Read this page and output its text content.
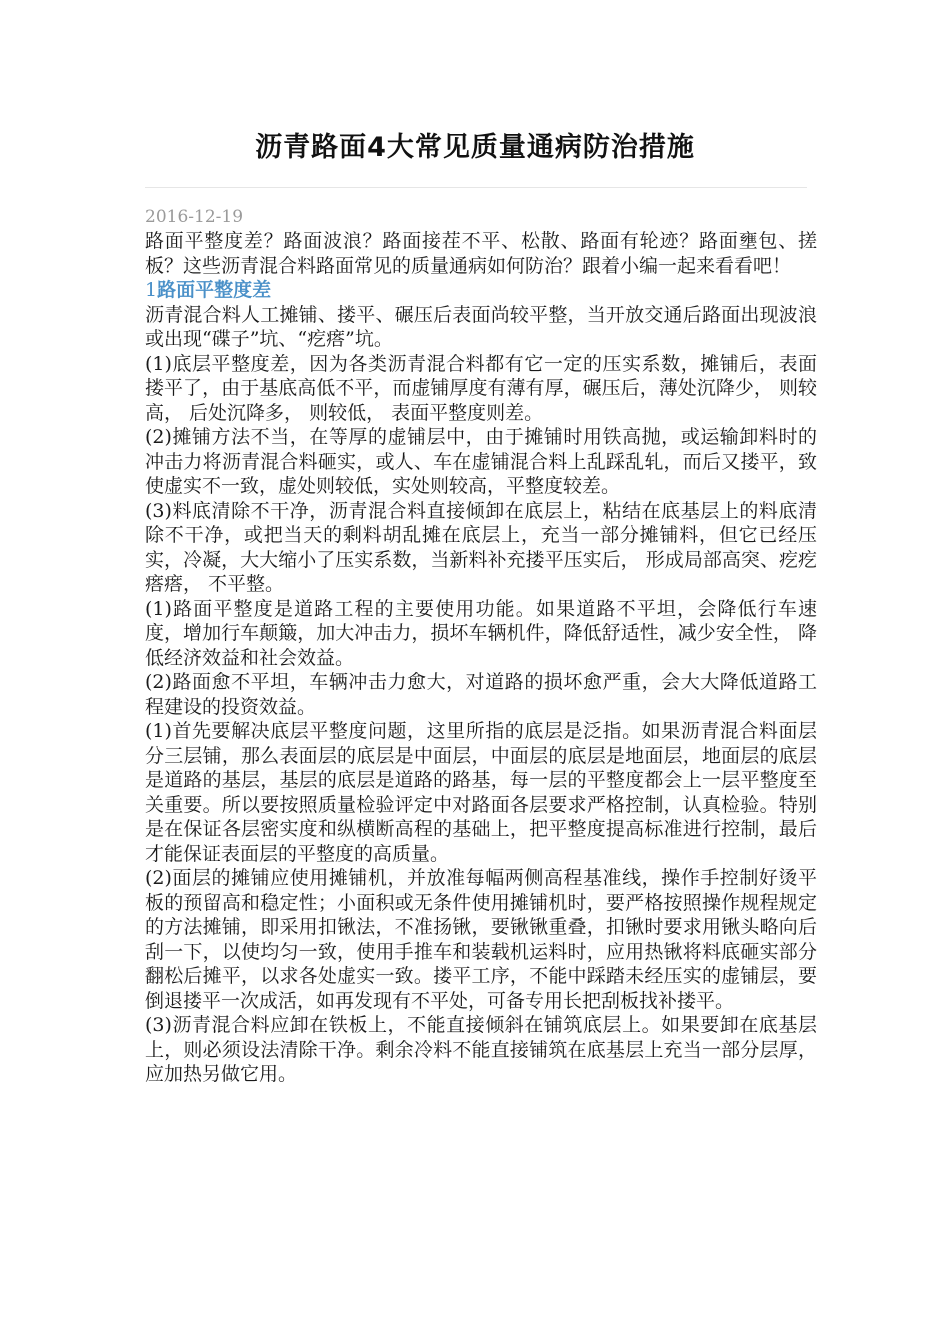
沥青路面4大常见质量通病防治措施
2016-12-19

路面平整度差？路面波浪？路面接茬不平、松散、路面有轮迹？路面壅包、搓板？这些沥青混合料路面常见的质量通病如何防治？跟着小编一起来看看吧！

1路面平整度差

沥青混合料人工摊铺、搂平、碾压后表面尚较平整，当开放交通后路面出现波浪或出现“碟子”坑、“疙瘩”坑。

(1)底层平整度差，因为各类沥青混合料都有它一定的压实系数，摊铺后，表面搂平了，由于基底高低不平，而虚铺厚度有薄有厚，碾压后，薄处沉降少， 则较高， 后处沉降多， 则较低， 表面平整度则差。

(2)摊铺方法不当，在等厚的虚铺层中，由于摊铺时用铁高抛，或运输卸料时的冲击力将沥青混合料砸实，或人、车在虚铺混合料上乱踩乱轧，而后又搂平，致使虚实不一致，虚处则较低，实处则较高，平整度较差。

(3)料底清除不干净，沥青混合料直接倾卸在底层上，粘结在底基层上的料底清除不干净，或把当天的剩料胡乱摊在底层上，充当一部分摊铺料，但它已经压实，冷凝，大大缩小了压实系数，当新料补充搂平压实后， 形成局部高突、疙疙瘩瘩， 不平整。

(1)路面平整度是道路工程的主要使用功能。如果道路不平坦，会降低行车速度，增加行车颠簸，加大冲击力，损坏车辆机件，降低舒适性，减少安全性， 降低经济效益和社会效益。

(2)路面愈不平坦，车辆冲击力愈大，对道路的损坏愈严重，会大大降低道路工程建设的投资效益。

(1)首先要解决底层平整度问题，这里所指的底层是泛指。如果沥青混合料面层分三层铺，那么表面层的底层是中面层，中面层的底层是地面层，地面层的底层是道路的基层，基层的底层是道路的路基，每一层的平整度都会上一层平整度至关重要。所以要按照质量检验评定中对路面各层要求严格控制，认真检验。特别是在保证各层密实度和纵横断高程的基础上，把平整度提高标准进行控制，最后才能保证表面层的平整度的高质量。

(2)面层的摊铺应使用摊铺机，并放准每幅两侧高程基准线，操作手控制好烫平板的预留高和稳定性；小面积或无条件使用摊铺机时，要严格按照操作规程规定的方法摊铺，即采用扣锹法，不准扬锹，要锹锹重叠，扣锹时要求用锹头略向后刮一下，以使均匀一致，使用手推车和装载机运料时，应用热锹将料底砸实部分翻松后摊平，以求各处虚实一致。搂平工序，不能中踩踏未经压实的虚铺层，要倒退搂平一次成活，如再发现有不平处，可备专用长把刮板找补搂平。

(3)沥青混合料应卸在铁板上，不能直接倾斜在铺筑底层上。如果要卸在底基层上，则必须设法清除干净。剩余冷料不能直接铺筑在底基层上充当一部分层厚，应加热另做它用。
